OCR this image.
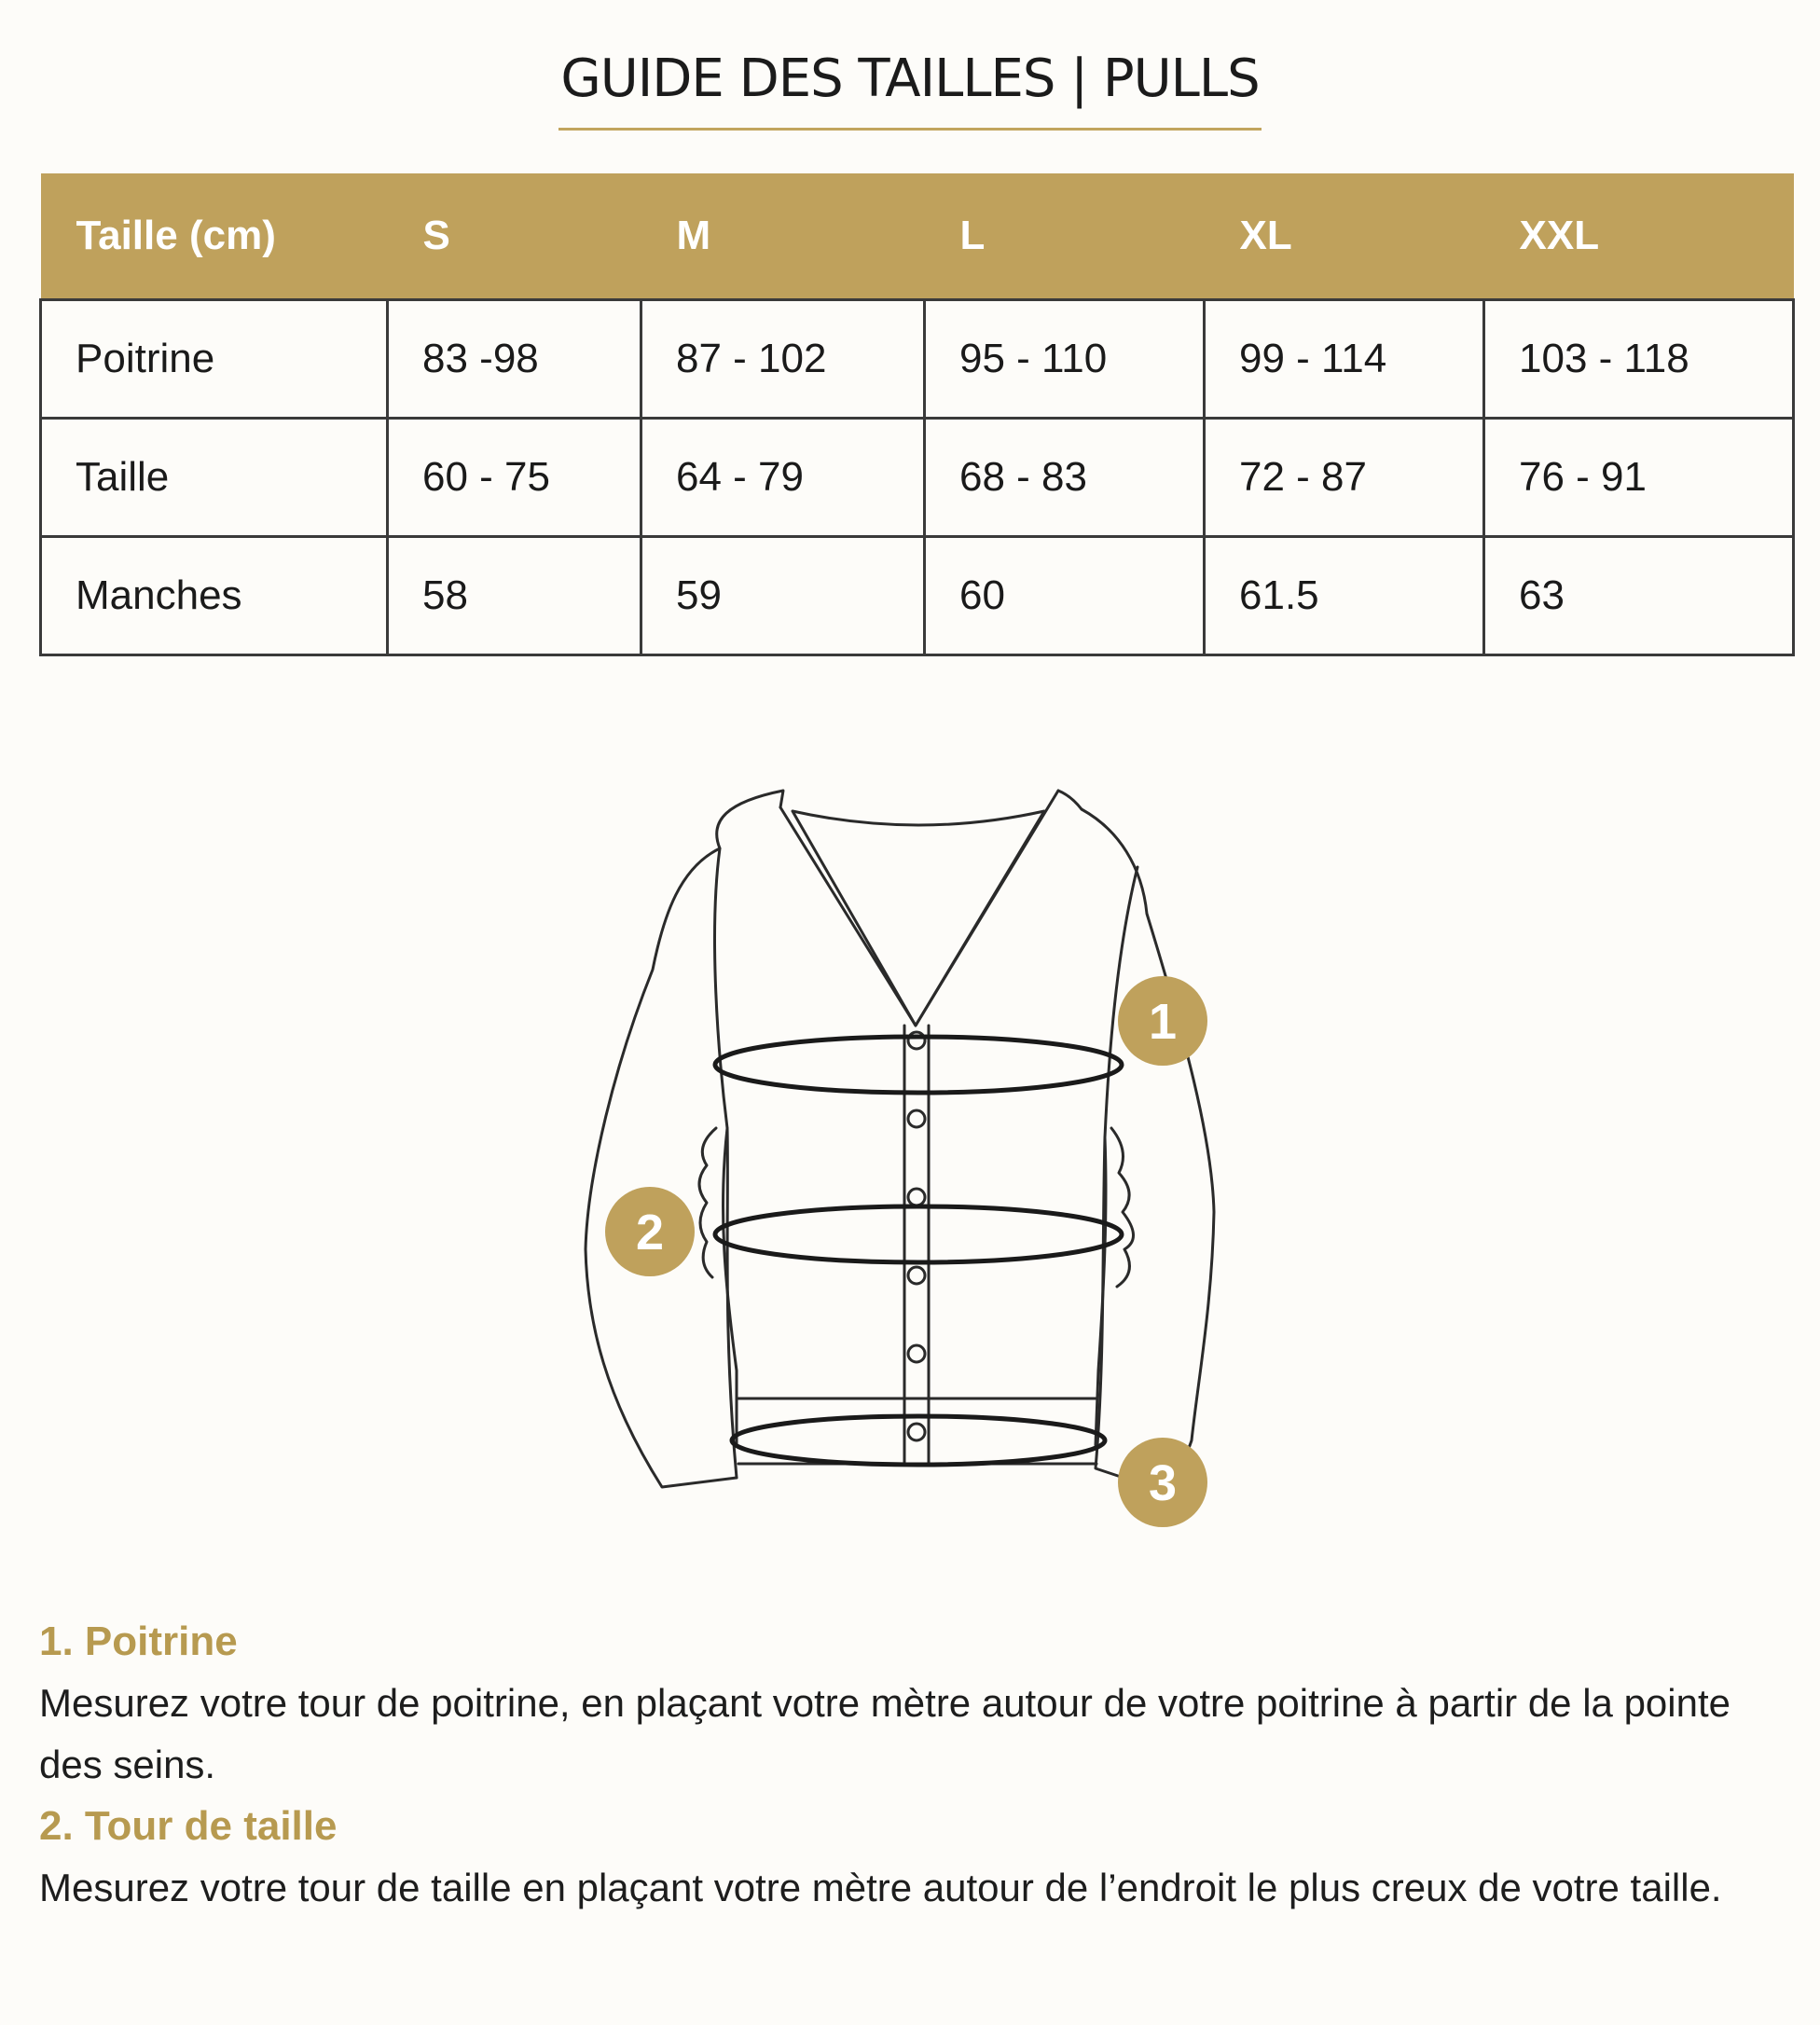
GUIDE DES TAILLES | PULLS
Taille (cm)	S	M	L	XL	XXL
Poitrine	83 -98	87 - 102	95 - 110	99 - 114	103 - 118
Taille	60 - 75	64 - 79	68 - 83	72 - 87	76 - 91
Manches	58	59	60	61.5	63
1
2
3
1. Poitrine

Mesurez votre tour de poitrine, en plaçant votre mètre autour de votre poitrine à partir de la pointe des seins.

2. Tour de taille

Mesurez votre tour de taille en plaçant votre mètre autour de l’endroit le plus creux de votre taille.
